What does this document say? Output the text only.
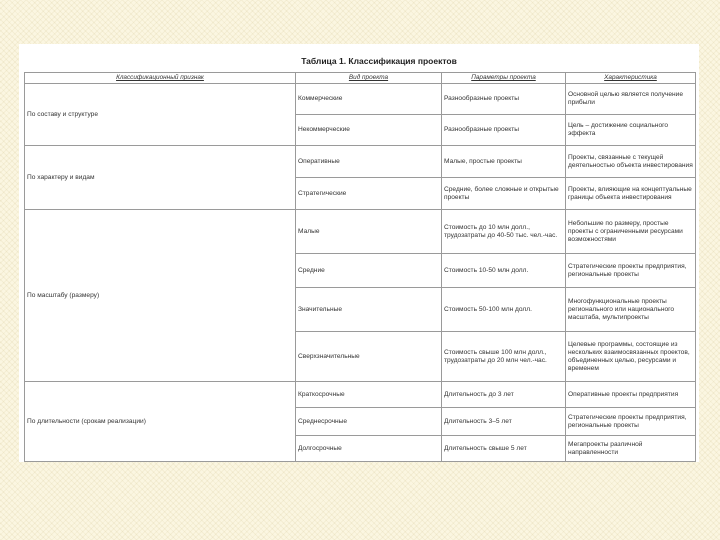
Таблица 1. Классификация проектов
Классификационный признак	Вид проекта	Параметры проекта	Характеристика
По составу и структуре	Коммерческие	Разнообразные проекты	Основной целью является получение прибыли
	Некоммерческие	Разнообразные проекты	Цель – достижение социального эффекта
По характеру и видам	Оперативные	Малые, простые проекты	Проекты, связанные с текущей деятельностью объекта инвестирования
	Стратегические	Средние, более сложные и открытые проекты	Проекты, влияющие на концептуальные границы объекта инвестирования
По масштабу (размеру)	Малые	Стоимость до 10 млн долл., трудозатраты до 40-50 тыс. чел.-час.	Небольшие по размеру, простые проекты с ограниченными ресурсами возможностями
	Средние	Стоимость 10-50 млн долл.	Стратегические проекты предприятия, региональные проекты
	Значительные	Стоимость 50-100 млн долл.	Многофункциональные проекты регионального или национального масштаба, мультипроекты
	Сверхзначительные	Стоимость свыше 100 млн долл., трудозатраты до 20 млн чел.-час.	Целевые программы, состоящие из нескольких взаимосвязанных проектов, объединенных целью, ресурсами и временем
По длительности (срокам реализации)	Краткосрочные	Длительность до 3 лет	Оперативные проекты предприятия
	Среднесрочные	Длительность 3–5 лет	Стратегические проекты предприятия, региональные проекты
	Долгосрочные	Длительность свыше 5 лет	Мегапроекты различной направленности
